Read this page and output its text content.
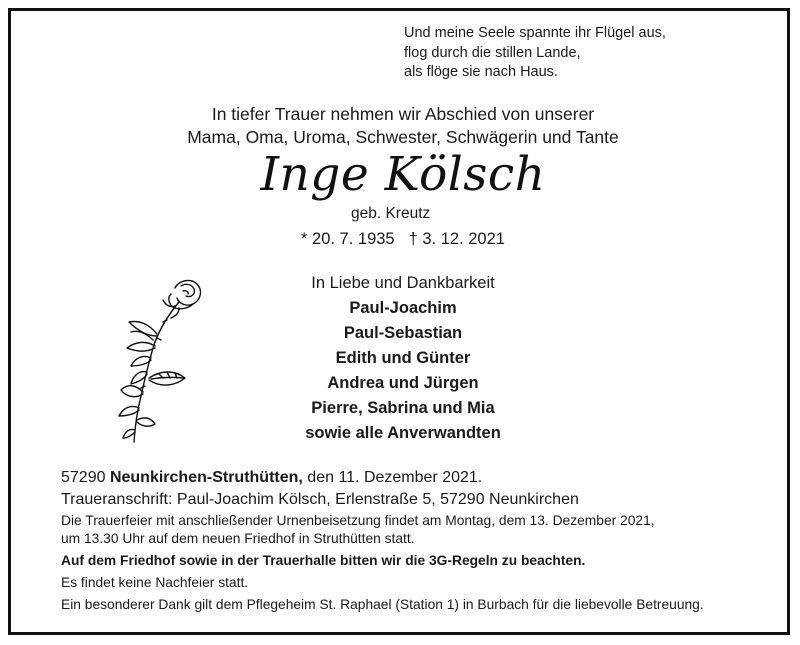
Und meine Seele spannte ihr Flügel aus,
flog durch die stillen Lande,
als flöge sie nach Haus.
In tiefer Trauer nehmen wir Abschied von unserer
Mama, Oma, Uroma, Schwester, Schwägerin und Tante
Inge Kölsch
geb. Kreutz
* 20. 7. 1935 † 3. 12. 2021
In Liebe und Dankbarkeit
Paul-Joachim
Paul-Sebastian
Edith und Günter
Andrea und Jürgen
Pierre, Sabrina und Mia
sowie alle Anverwandten
57290 Neunkirchen-Struthütten, den 11. Dezember 2021.
Traueranschrift: Paul-Joachim Kölsch, Erlenstraße 5, 57290 Neunkirchen
Die Trauerfeier mit anschließender Urnenbeisetzung findet am Montag, dem 13. Dezember 2021,
um 13.30 Uhr auf dem neuen Friedhof in Struthütten statt.
Auf dem Friedhof sowie in der Trauerhalle bitten wir die 3G-Regeln zu beachten.
Es findet keine Nachfeier statt.
Ein besonderer Dank gilt dem Pflegeheim St. Raphael (Station 1) in Burbach für die liebevolle Betreuung.
